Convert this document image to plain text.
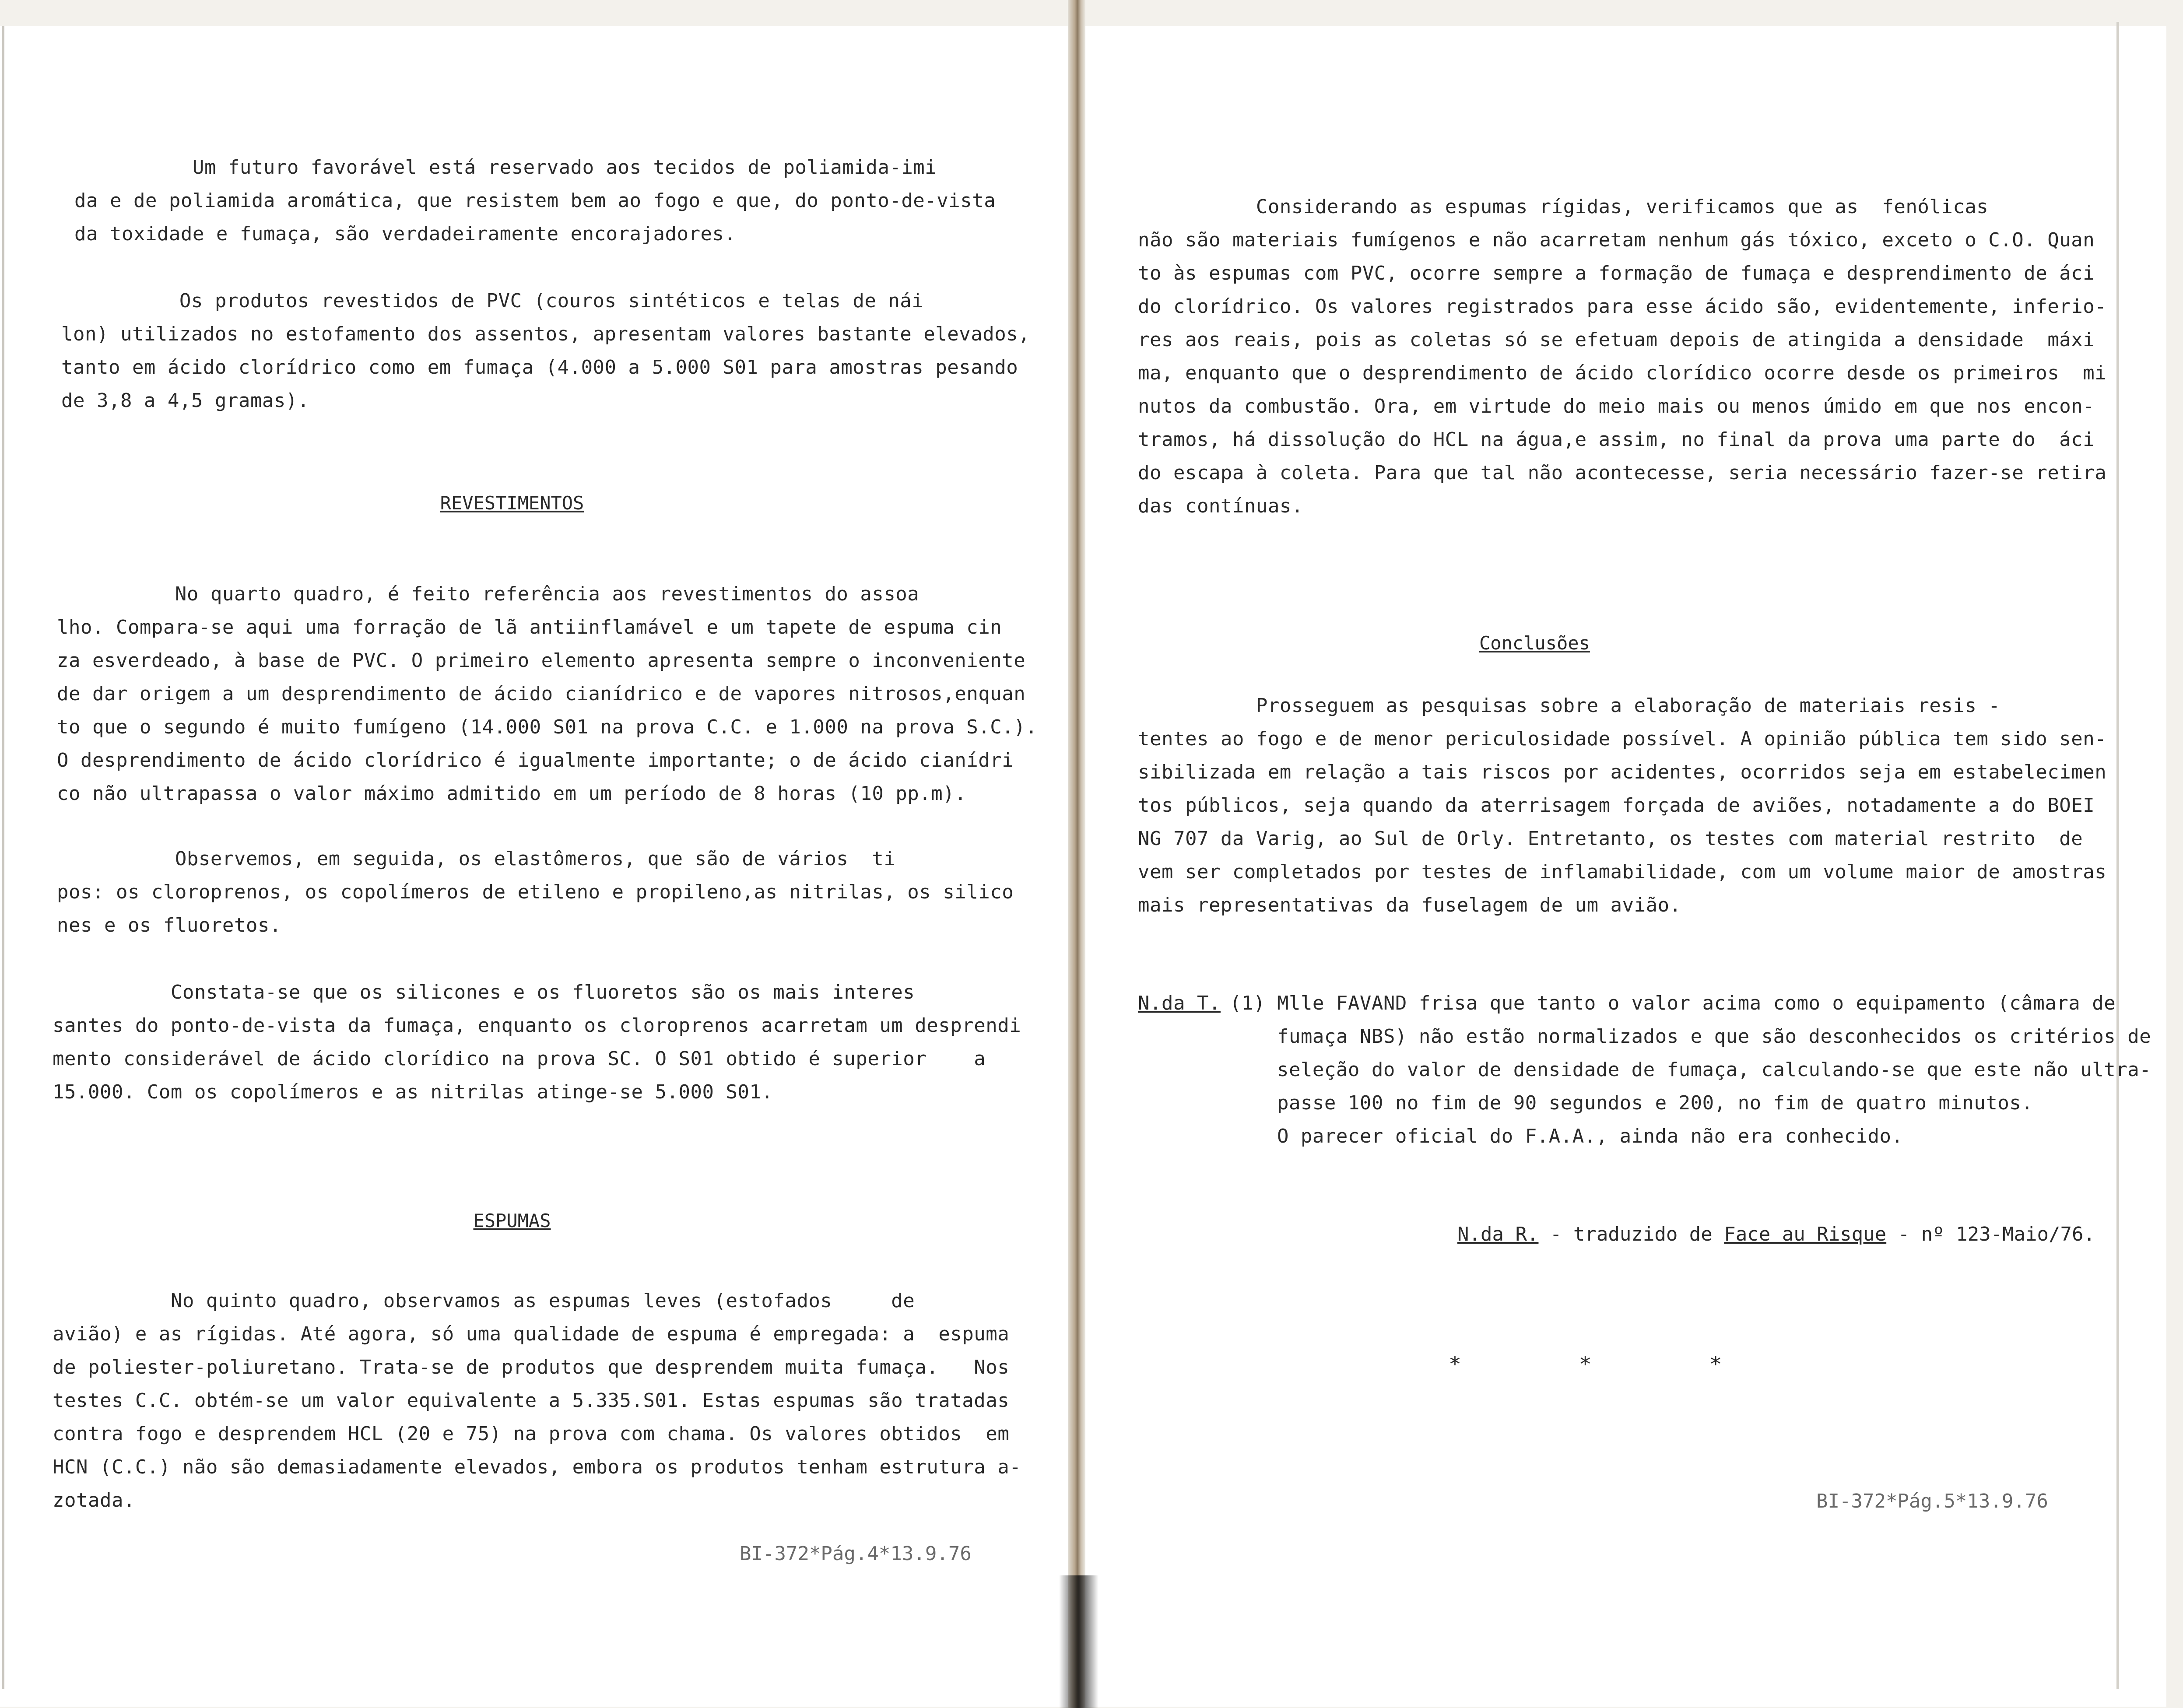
Um futuro favorável está reservado aos tecidos de poliamida-imi
da e de poliamida aromática, que resistem bem ao fogo e que, do ponto-de-vista
da toxidade e fumaça, são verdadeiramente encorajadores.
Os produtos revestidos de PVC (couros sintéticos e telas de nái
lon) utilizados no estofamento dos assentos, apresentam valores bastante elevados,
tanto em ácido clorídrico como em fumaça (4.000 a 5.000 S01 para amostras pesando
de 3,8 a 4,5 gramas).
REVESTIMENTOS
No quarto quadro, é feito referência aos revestimentos do assoa
lho. Compara-se aqui uma forração de lã antiinflamável e um tapete de espuma cin
za esverdeado, à base de PVC. O primeiro elemento apresenta sempre o inconveniente
de dar origem a um desprendimento de ácido cianídrico e de vapores nitrosos,enquan
to que o segundo é muito fumígeno (14.000 S01 na prova C.C. e 1.000 na prova S.C.).
O desprendimento de ácido clorídrico é igualmente importante; o de ácido cianídri
co não ultrapassa o valor máximo admitido em um período de 8 horas (10 pp.m).
Observemos, em seguida, os elastômeros, que são de vários  ti
pos: os cloroprenos, os copolímeros de etileno e propileno,as nitrilas, os silico
nes e os fluoretos.
Constata-se que os silicones e os fluoretos são os mais interes
santes do ponto-de-vista da fumaça, enquanto os cloroprenos acarretam um desprendi
mento considerável de ácido clorídico na prova SC. O S01 obtido é superior    a
15.000. Com os copolímeros e as nitrilas atinge-se 5.000 S01.
ESPUMAS
No quinto quadro, observamos as espumas leves (estofados     de
avião) e as rígidas. Até agora, só uma qualidade de espuma é empregada: a  espuma
de poliester-poliuretano. Trata-se de produtos que desprendem muita fumaça.   Nos
testes C.C. obtém-se um valor equivalente a 5.335.S01. Estas espumas são tratadas
contra fogo e desprendem HCL (20 e 75) na prova com chama. Os valores obtidos  em
HCN (C.C.) não são demasiadamente elevados, embora os produtos tenham estrutura a-
zotada.
BI-372*Pág.4*13.9.76
Considerando as espumas rígidas, verificamos que as  fenólicas
não são materiais fumígenos e não acarretam nenhum gás tóxico, exceto o C.O. Quan
to às espumas com PVC, ocorre sempre a formação de fumaça e desprendimento de áci
do clorídrico. Os valores registrados para esse ácido são, evidentemente, inferio-
res aos reais, pois as coletas só se efetuam depois de atingida a densidade  máxi
ma, enquanto que o desprendimento de ácido clorídico ocorre desde os primeiros  mi
nutos da combustão. Ora, em virtude do meio mais ou menos úmido em que nos encon-
tramos, há dissolução do HCL na água,e assim, no final da prova uma parte do  áci
do escapa à coleta. Para que tal não acontecesse, seria necessário fazer-se retira
das contínuas.
Conclusões
Prosseguem as pesquisas sobre a elaboração de materiais resis -
tentes ao fogo e de menor periculosidade possível. A opinião pública tem sido sen-
sibilizada em relação a tais riscos por acidentes, ocorridos seja em estabelecimen
tos públicos, seja quando da aterrisagem forçada de aviões, notadamente a do BOEI
NG 707 da Varig, ao Sul de Orly. Entretanto, os testes com material restrito  de
vem ser completados por testes de inflamabilidade, com um volume maior de amostras
mais representativas da fuselagem de um avião.
N.da T. (1) Mlle FAVAND frisa que tanto o valor acima como o equipamento (câmara de
fumaça NBS) não estão normalizados e que são desconhecidos os critérios de
seleção do valor de densidade de fumaça, calculando-se que este não ultra-
passe 100 no fim de 90 segundos e 200, no fim de quatro minutos.
O parecer oficial do F.A.A., ainda não era conhecido.
N.da R. - traduzido de Face au Risque - nº 123-Maio/76.
* * *
BI-372*Pág.5*13.9.76
